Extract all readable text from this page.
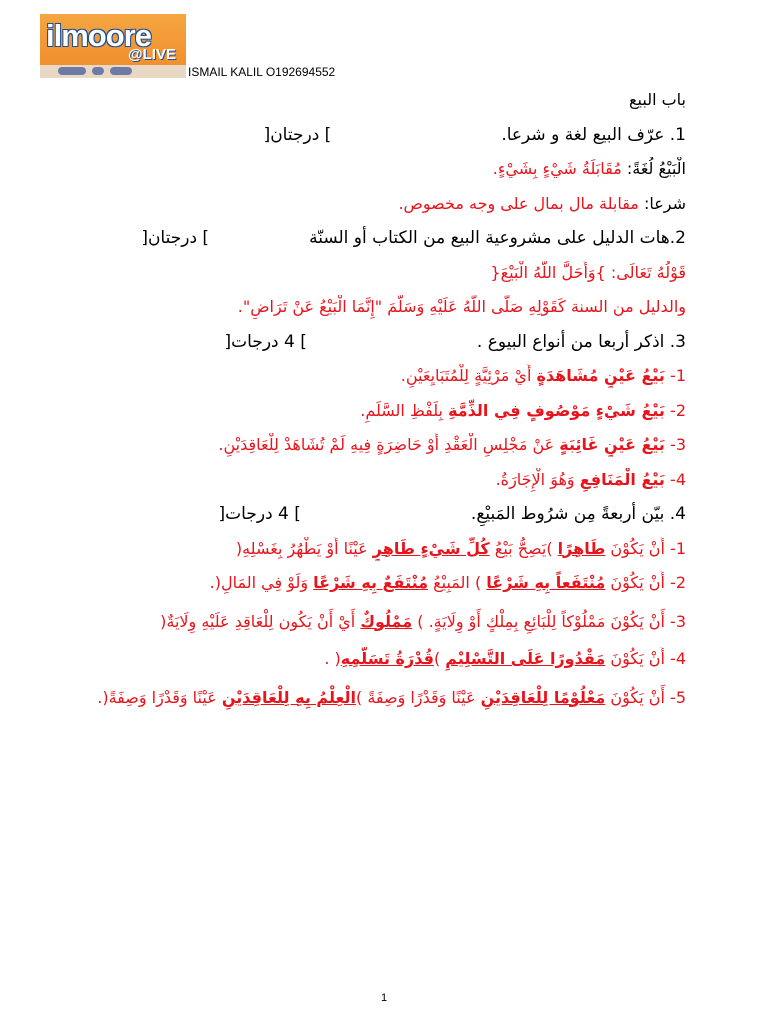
ilmoore
@LIVE
ISMAIL KALIL O192694552
باب البيع
1. عرّف البيع لغة و شرعا.] درجتان[
الْبَيْعُ لُغَةً: مُقَابَلَةُ شَيْءٍ بِشَيْءٍ.
شرعا: مقابلة مال بمال على وجه مخصوص.
2.هات الدليل على مشروعية البيع من الكتاب أو السنّة] درجتان[
قَوْلُهُ تَعَالَى: }وَأَحَلَّ اللَّهُ الْبَيْعَ{
والدليل من السنة كَقَوْلِهِ صَلَّى اللَّهُ عَلَيْهِ وَسَلَّمَ "إِنَّمَا الْبَيْعُ عَنْ تَرَاضٍ".
3. اذكر أربعا من أنواع البيوع .] 4 درجات[
1- بَيْعُ عَيْنٍ مُشَاهَدَةٍ أَيْ مَرْئِيَّةٍ لِلْمُتَبَايِعَيْنِ.
2- بَيْعُ شَيْءٍ مَوْصُوفٍ فِي الذِّمَّةِ بِلَفْظِ السَّلَمِ.
3- بَيْعُ عَيْنٍ غَائِبَةٍ عَنْ مَجْلِسِ الْعَقْدِ أَوْ حَاضِرَةٍ فِيهِ لَمْ تُشَاهَدْ لِلْعَاقِدَيْنِ.
4- بَيْعُ الْمَنَافِعِ وَهُوَ الْإِجَارَةُ.
4. بيّن أربعةً مِن شرُوط المَبيْعِ.] 4 درجات[
1- أَنْ يَكُوْنَ طَاهِرًا )يَصِحُّ بَيْعُ كُلِّ شَيْءٍ طَاهِرٍ عَيْنًا أَوْ يَطْهُرُ بِغَسْلِهِ(
2- أَنْ يَكُوْنَ مُنْتَفَعاً بِهِ شَرْعًا ) المَبِيْعُ مُنْتَفَعٌ بِهِ شَرْعًا وَلَوْ فِي المَالِ(.
3- أَنْ يَكُوْنَ مَمْلُوْكاً لِلْبَائِعِ بِمِلْكٍ أَوْ وِلَايَةٍ. ) مَمْلُوكٌ أَيْ أَنْ يَكُون لِلْعَاقِدِ عَلَيْهِ وِلَايَةٌ(
4- أَنْ يَكُوْنَ مَقْدُورًا عَلَى التَّسْلِيْمِ )قُدْرَةُ تَسَلُّمِهِ( .
5- أَنْ يَكُوْنَ مَعْلُوْمًا لِلْعَاقِدَيْنِ عَيْنًا وَقَدْرًا وَصِفَةً )الْعِلْمُ بِهِ لِلْعَاقِدَيْنِ عَيْنًا وَقَدْرًا وَصِفَةً(.
1
